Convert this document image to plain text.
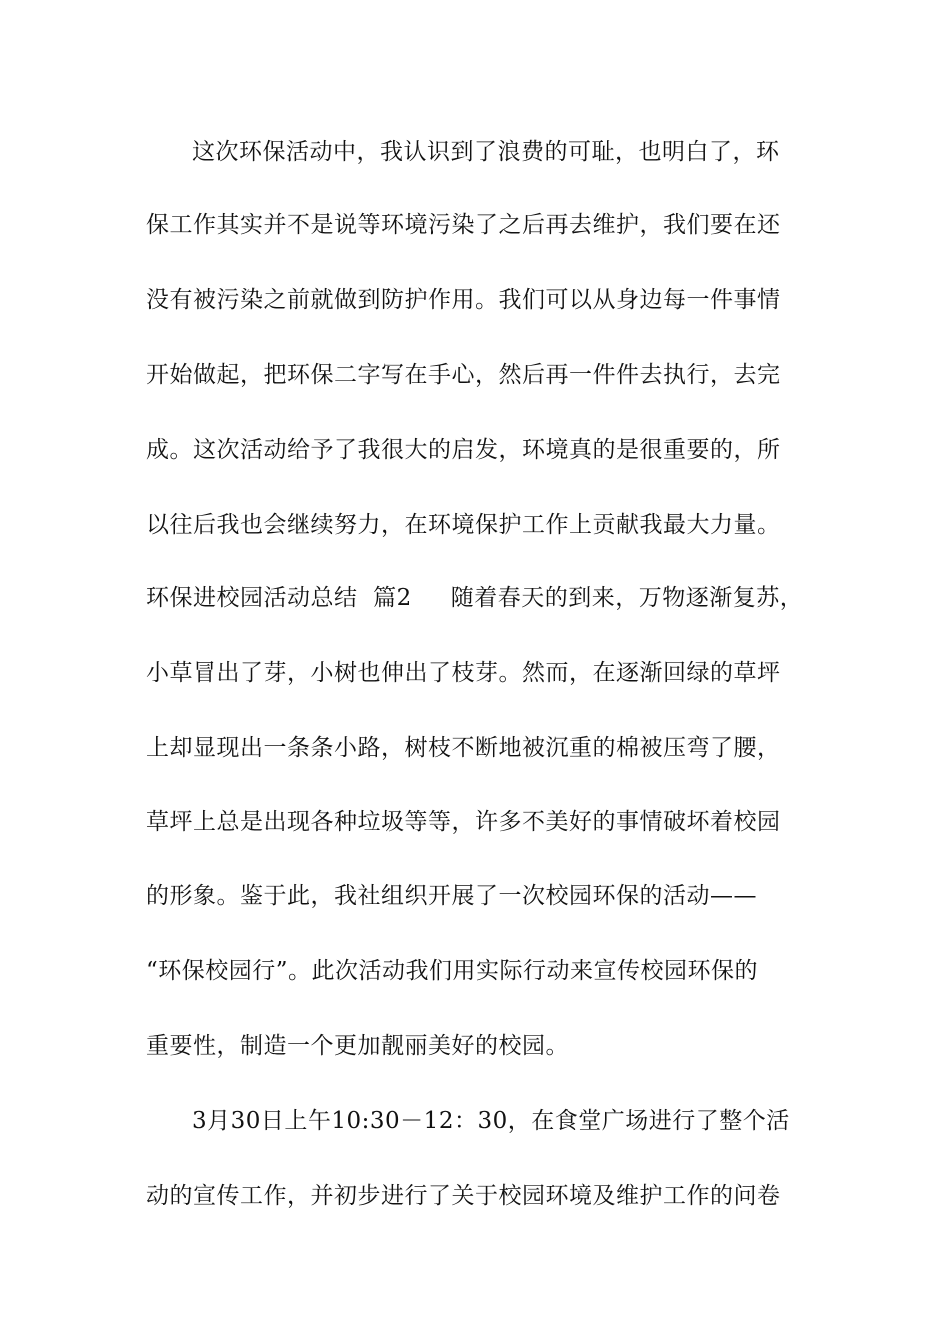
这次环保活动中，我认识到了浪费的可耻，也明白了，环
保工作其实并不是说等环境污染了之后再去维护，我们要在还
没有被污染之前就做到防护作用。我们可以从身边每一件事情
开始做起，把环保二字写在手心，然后再一件件去执行，去完
成。这次活动给予了我很大的启发，环境真的是很重要的，所
以往后我也会继续努力，在环境保护工作上贡献我最大力量。
环保进校园活动总结  篇2     随着春天的到来，万物逐渐复苏，
小草冒出了芽，小树也伸出了枝芽。然而，在逐渐回绿的草坪
上却显现出一条条小路，树枝不断地被沉重的棉被压弯了腰，
草坪上总是出现各种垃圾等等，许多不美好的事情破坏着校园
的形象。鉴于此，我社组织开展了一次校园环保的活动——
“环保校园行”。此次活动我们用实际行动来宣传校园环保的
重要性，制造一个更加靓丽美好的校园。
3月30日上午10:30－12：30，在食堂广场进行了整个活
动的宣传工作，并初步进行了关于校园环境及维护工作的问卷
